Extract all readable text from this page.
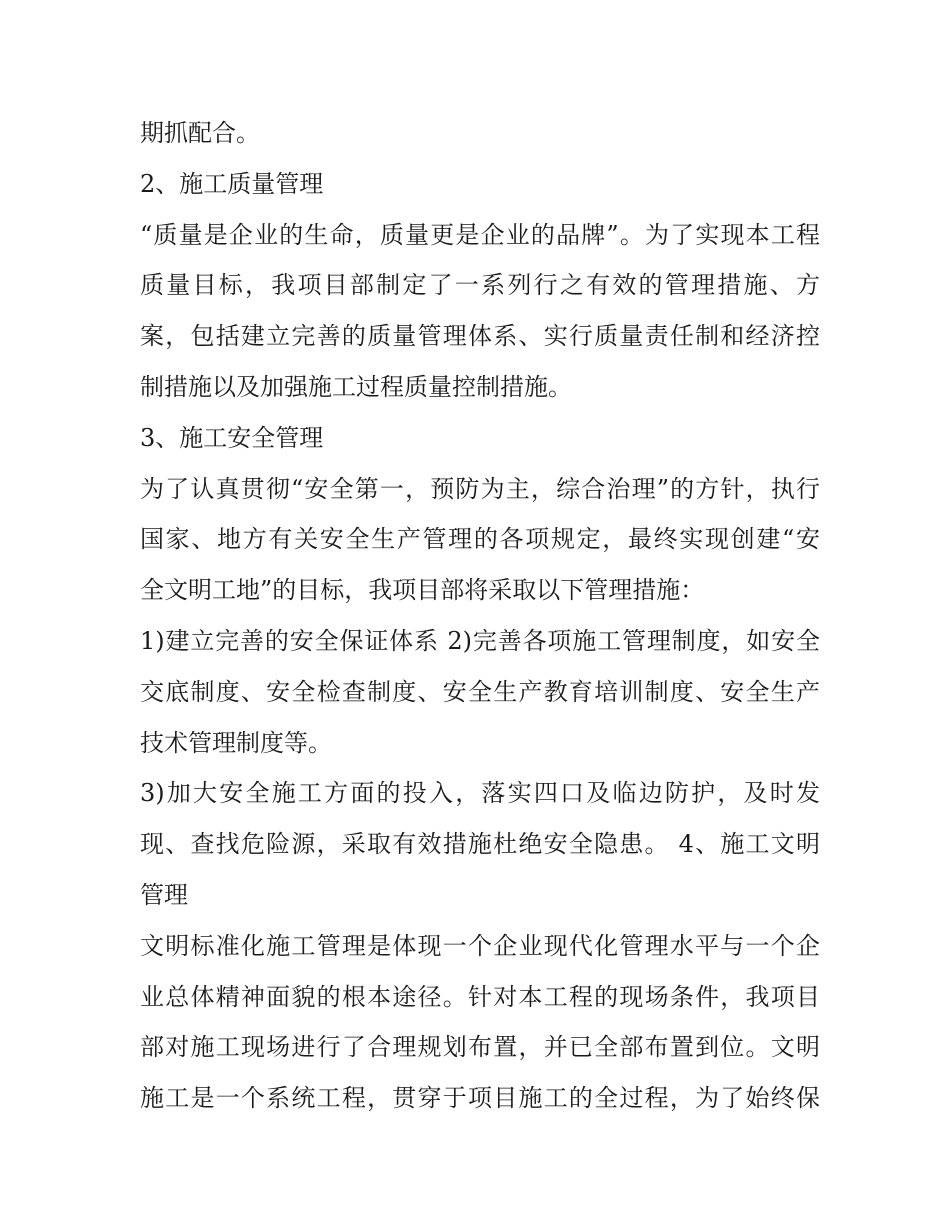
期抓配合。
2、施工质量管理
“质量是企业的生命，质量更是企业的品牌”。为了实现本工程
质量目标，我项目部制定了一系列行之有效的管理措施、方
案，包括建立完善的质量管理体系、实行质量责任制和经济控
制措施以及加强施工过程质量控制措施。
3、施工安全管理
为了认真贯彻“安全第一，预防为主，综合治理”的方针，执行
国家、地方有关安全生产管理的各项规定，最终实现创建“安
全文明工地”的目标，我项目部将采取以下管理措施：
1)建立完善的安全保证体系 2)完善各项施工管理制度，如安全
交底制度、安全检查制度、安全生产教育培训制度、安全生产
技术管理制度等。
3)加大安全施工方面的投入，落实四口及临边防护，及时发
现、查找危险源，采取有效措施杜绝安全隐患。 4、施工文明
管理
文明标准化施工管理是体现一个企业现代化管理水平与一个企
业总体精神面貌的根本途径。针对本工程的现场条件，我项目
部对施工现场进行了合理规划布置，并已全部布置到位。文明
施工是一个系统工程，贯穿于项目施工的全过程，为了始终保
